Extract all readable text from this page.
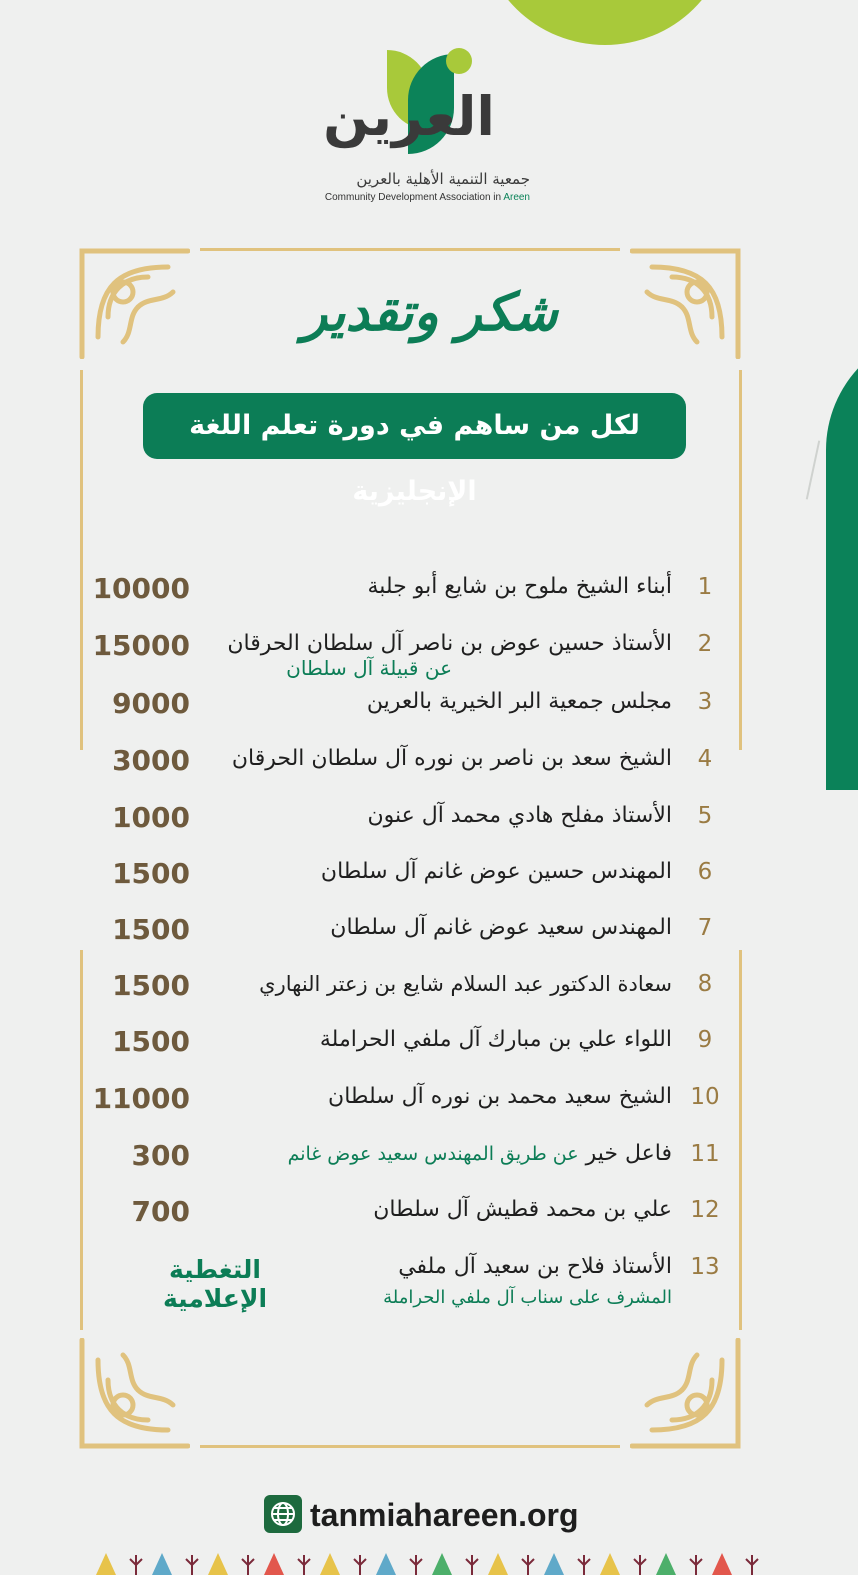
العرين
جمعية التنمية الأهلية بالعرين
Community Development Association in Areen
شكر وتقدير
لكل من ساهم في دورة تعلم اللغة الإنجليزية
1
أبناء الشيخ ملوح بن شايع أبو جلبة
10000
2
الأستاذ حسين عوض بن ناصر آل سلطان الحرقان
عن قبيلة آل سلطان
15000
3
مجلس جمعية البر الخيرية بالعرين
9000
4
الشيخ سعد بن ناصر بن نوره آل سلطان الحرقان
3000
5
الأستاذ مفلح هادي محمد آل عنون
1000
6
المهندس حسين عوض غانم آل سلطان
1500
7
المهندس سعيد عوض غانم آل سلطان
1500
8
سعادة الدكتور عبد السلام شايع بن زعتر النهاري
1500
9
اللواء علي بن مبارك آل ملفي الحراملة
1500
10
الشيخ سعيد محمد بن نوره آل سلطان
11000
11
فاعل خير عن طريق المهندس سعيد عوض غانم
300
12
علي بن محمد قطيش آل سلطان
700
13
الأستاذ فلاح بن سعيد آل ملفي
المشرف على سناب آل ملفي الحراملة
التغطية الإعلامية
tanmiahareen.org
